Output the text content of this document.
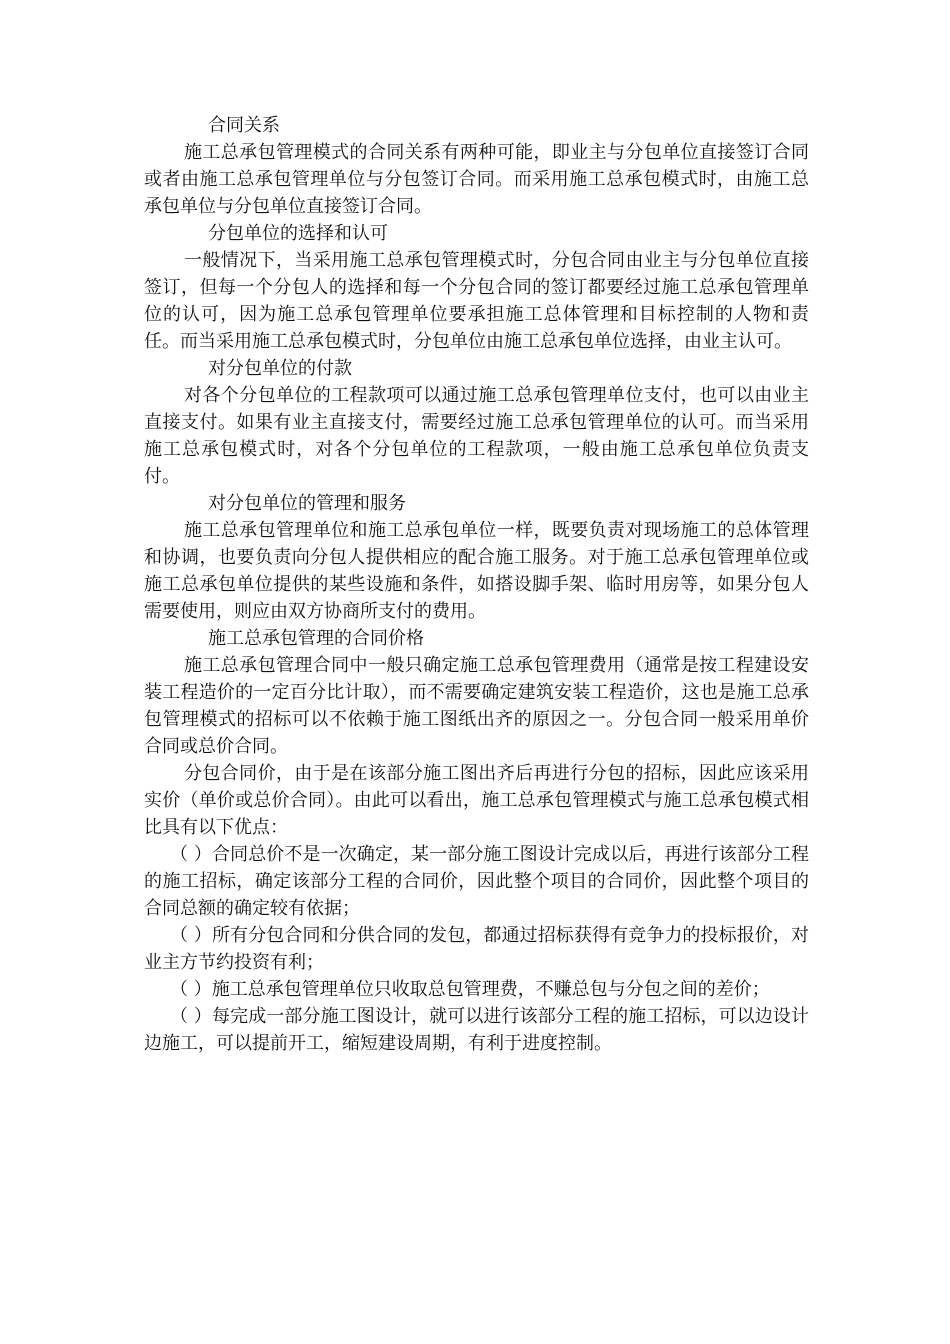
合同关系

施工总承包管理模式的合同关系有两种可能，即业主与分包单位直接签订合同或者由施工总承包管理单位与分包签订合同。而采用施工总承包模式时，由施工总承包单位与分包单位直接签订合同。

分包单位的选择和认可

一般情况下，当采用施工总承包管理模式时，分包合同由业主与分包单位直接签订，但每一个分包人的选择和每一个分包合同的签订都要经过施工总承包管理单位的认可，因为施工总承包管理单位要承担施工总体管理和目标控制的人物和责任。而当采用施工总承包模式时，分包单位由施工总承包单位选择，由业主认可。

对分包单位的付款

对各个分包单位的工程款项可以通过施工总承包管理单位支付，也可以由业主直接支付。如果有业主直接支付，需要经过施工总承包管理单位的认可。而当采用施工总承包模式时，对各个分包单位的工程款项，一般由施工总承包单位负责支付。

对分包单位的管理和服务

施工总承包管理单位和施工总承包单位一样，既要负责对现场施工的总体管理和协调，也要负责向分包人提供相应的配合施工服务。对于施工总承包管理单位或施工总承包单位提供的某些设施和条件，如搭设脚手架、临时用房等，如果分包人需要使用，则应由双方协商所支付的费用。

施工总承包管理的合同价格

施工总承包管理合同中一般只确定施工总承包管理费用（通常是按工程建设安装工程造价的一定百分比计取），而不需要确定建筑安装工程造价，这也是施工总承包管理模式的招标可以不依赖于施工图纸出齐的原因之一。分包合同一般采用单价合同或总价合同。

分包合同价，由于是在该部分施工图出齐后再进行分包的招标，因此应该采用实价（单价或总价合同）。由此可以看出，施工总承包管理模式与施工总承包模式相比具有以下优点：

（ ）合同总价不是一次确定，某一部分施工图设计完成以后，再进行该部分工程的施工招标，确定该部分工程的合同价，因此整个项目的合同价，因此整个项目的合同总额的确定较有依据；

（ ）所有分包合同和分供合同的发包，都通过招标获得有竞争力的投标报价，对业主方节约投资有利；

（ ）施工总承包管理单位只收取总包管理费，不赚总包与分包之间的差价；

（ ）每完成一部分施工图设计，就可以进行该部分工程的施工招标，可以边设计边施工，可以提前开工，缩短建设周期，有利于进度控制。
